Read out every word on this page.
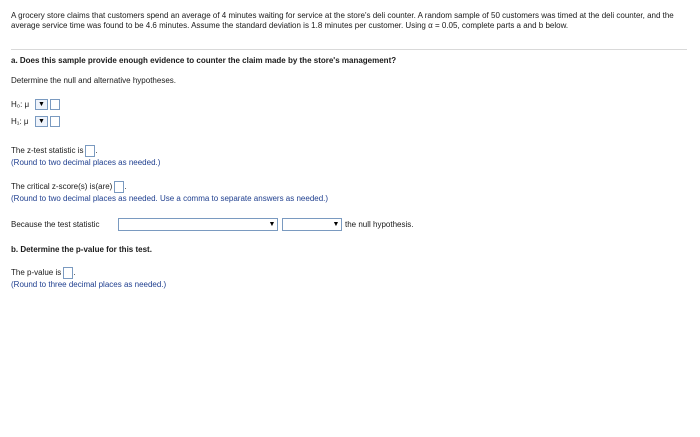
A grocery store claims that customers spend an average of 4 minutes waiting for service at the store's deli counter. A random sample of 50 customers was timed at the deli counter, and the average service time was found to be 4.6 minutes. Assume the standard deviation is 1.8 minutes per customer. Using α = 0.05, complete parts a and b below.
a. Does this sample provide enough evidence to counter the claim made by the store's management?
Determine the null and alternative hypotheses.
H₀: μ	▼
H₁: μ	▼
The z-test statistic is .
(Round to two decimal places as needed.)
The critical z-score(s) is(are) .
(Round to two decimal places as needed. Use a comma to separate answers as needed.)
Because the test statistic	▼	▼ the null hypothesis.
b. Determine the p-value for this test.
The p-value is .
(Round to three decimal places as needed.)
